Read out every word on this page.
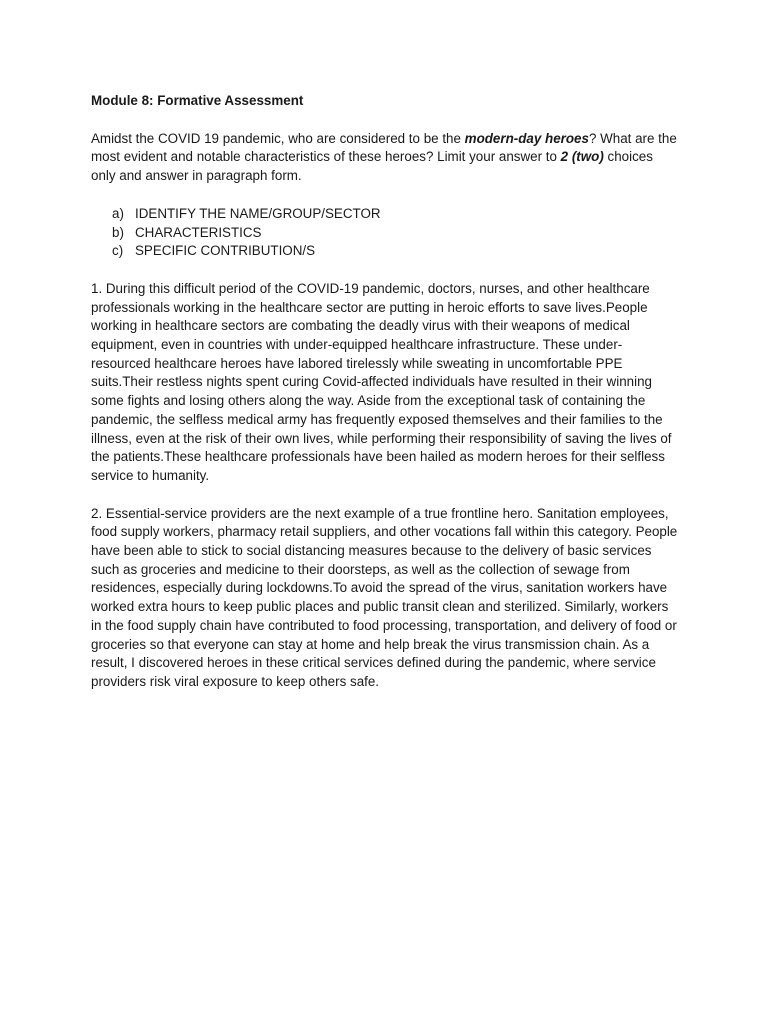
Module 8: Formative Assessment
Amidst the COVID 19 pandemic, who are considered to be the modern-day heroes? What are the most evident and notable characteristics of these heroes? Limit your answer to 2 (two) choices only and answer in paragraph form.
a) IDENTIFY THE NAME/GROUP/SECTOR
b) CHARACTERISTICS
c) SPECIFIC CONTRIBUTION/S

1. During this difficult period of the COVID-19 pandemic, doctors, nurses, and other healthcare professionals working in the healthcare sector are putting in heroic efforts to save lives.People working in healthcare sectors are combating the deadly virus with their weapons of medical equipment, even in countries with under-equipped healthcare infrastructure. These under-resourced healthcare heroes have labored tirelessly while sweating in uncomfortable PPE suits.Their restless nights spent curing Covid-affected individuals have resulted in their winning some fights and losing others along the way. Aside from the exceptional task of containing the pandemic, the selfless medical army has frequently exposed themselves and their families to the illness, even at the risk of their own lives, while performing their responsibility of saving the lives of the patients.These healthcare professionals have been hailed as modern heroes for their selfless service to humanity.

2. Essential-service providers are the next example of a true frontline hero. Sanitation employees, food supply workers, pharmacy retail suppliers, and other vocations fall within this category. People have been able to stick to social distancing measures because to the delivery of basic services such as groceries and medicine to their doorsteps, as well as the collection of sewage from residences, especially during lockdowns.To avoid the spread of the virus, sanitation workers have worked extra hours to keep public places and public transit clean and sterilized. Similarly, workers in the food supply chain have contributed to food processing, transportation, and delivery of food or groceries so that everyone can stay at home and help break the virus transmission chain. As a result, I discovered heroes in these critical services defined during the pandemic, where service providers risk viral exposure to keep others safe.
